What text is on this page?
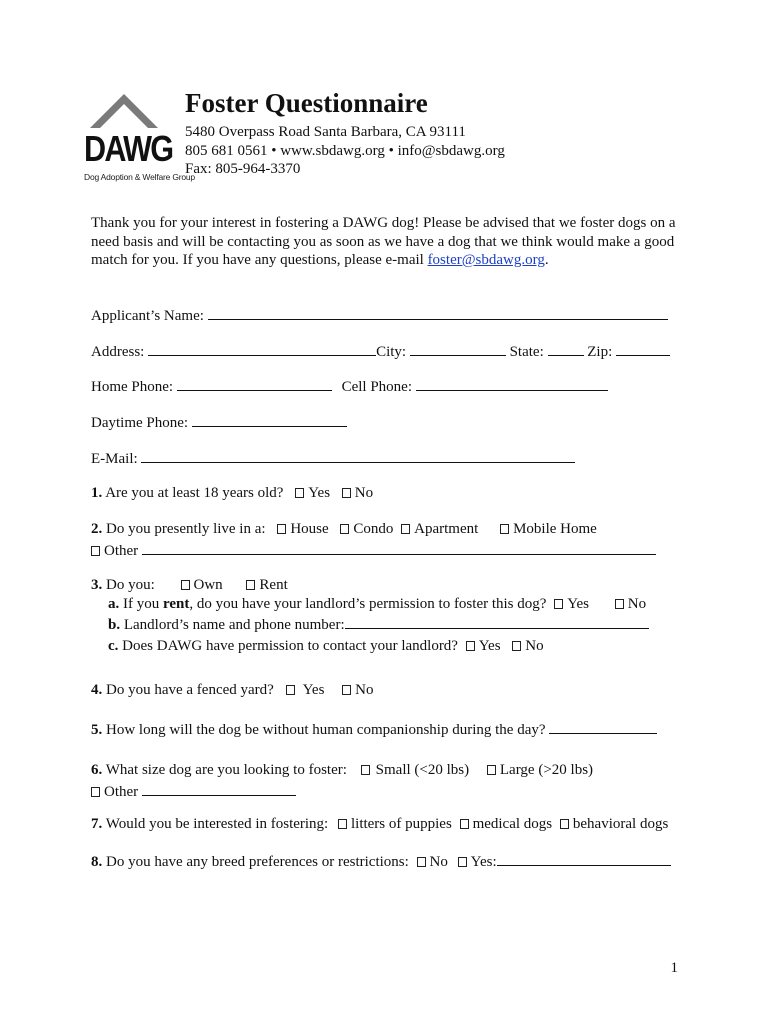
DAWG
Dog Adoption & Welfare Group
Foster Questionnaire
5480 Overpass Road Santa Barbara, CA 93111
805 681 0561 • www.sbdawg.org • info@sbdawg.org
Fax: 805-964-3370
Thank you for your interest in fostering a DAWG dog! Please be advised that we foster dogs on a need basis and will be contacting you as soon as we have a dog that we think would make a good match for you. If you have any questions, please e-mail foster@sbdawg.org.
Applicant’s Name:
Address:	City:	State:	Zip:
Home Phone:	Cell Phone:
Daytime Phone:
E-Mail:
1. Are you at least 18 years old? Yes No
2. Do you presently live in a: House Condo Apartment Mobile Home
Other
3. Do you:	Own Rent
a. If you rent, do you have your landlord’s permission to foster this dog? Yes	No
b. Landlord’s name and phone number:
c. Does DAWG have permission to contact your landlord? Yes No
4. Do you have a fenced yard? Yes No
5. How long will the dog be without human companionship during the day?
6. What size dog are you looking to foster: Small (<20 lbs) Large (>20 lbs)
Other
7. Would you be interested in fostering: litters of puppies medical dogs behavioral dogs
8. Do you have any breed preferences or restrictions: No Yes:
1
